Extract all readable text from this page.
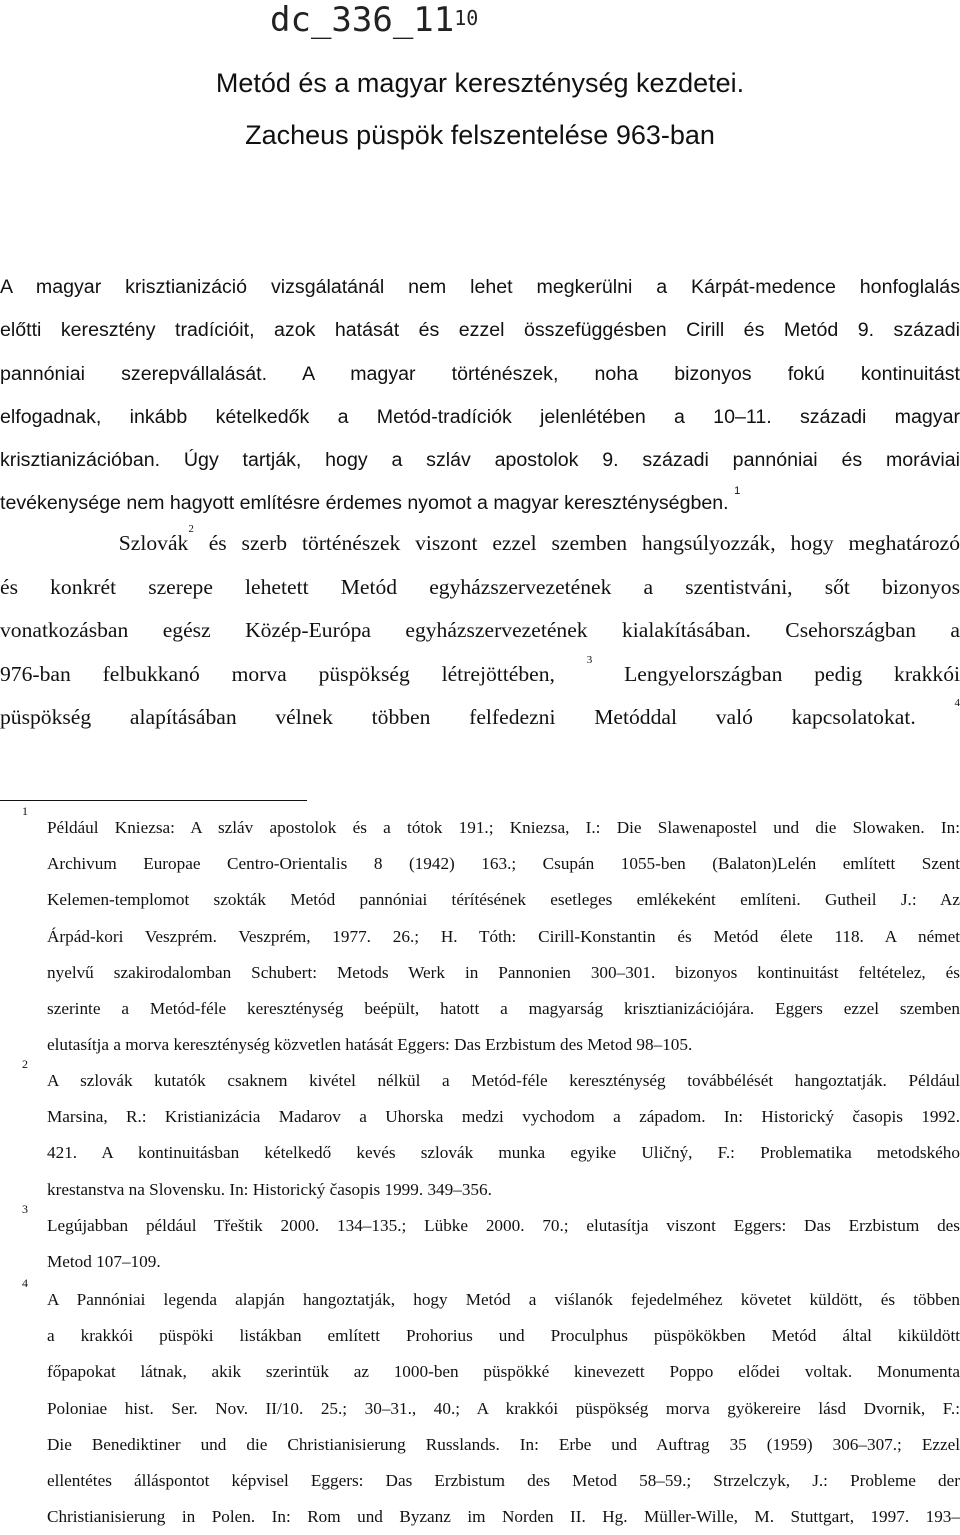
$dc\_336\_11^{10}$
Metód és a magyar kereszténység kezdetei.
Zacheus püspök felszentelése 963-ban
A magyar krisztianizáció vizsgálatánál nem lehet megkerülni a Kárpát-medence honfoglalás
előtti keresztény tradícióit, azok hatását és ezzel összefüggésben Cirill és Metód 9. századi
pannóniai szerepvállalását. A magyar történészek, noha bizonyos fokú kontinuitást
elfogadnak, inkább kételkedők a Metód-tradíciók jelenlétében a 10–11. századi magyar
krisztianizációban. Úgy tartják, hogy a szláv apostolok 9. századi pannóniai és moráviai
tevékenysége nem hagyott említésre érdemes nyomot a magyar kereszténységben. $^1$
Szlovák$^2$ és szerb történészek viszont ezzel szemben hangsúlyozzák, hogy meghatározó
és konkrét szerepe lehetett Metód egyházszervezetének a szentistváni, sőt bizonyos
vonatkozásban egész Közép-Európa egyházszervezetének kialakításában. Csehországban a
976-ban felbukkanó morva püspökség létrejöttében, $^3$ Lengyelországban pedig krakkói
püspökség alapításában vélnek többen felfedezni Metóddal való kapcsolatokat. $^4$
1
Például Kniezsa: A szláv apostolok és a tótok 191.; Kniezsa, I.: Die Slawenapostel und die Slowaken. In:
Archivum Europae Centro-Orientalis 8 (1942) 163.; Csupán 1055-ben (Balaton)Lelén említett Szent
Kelemen-templomot szokták Metód pannóniai térítésének esetleges emlékeként említeni. Gutheil J.: Az
Árpád-kori Veszprém. Veszprém, 1977. 26.; H. Tóth: Cirill-Konstantin és Metód élete 118. A német
nyelvű szakirodalomban Schubert: Metods Werk in Pannonien 300–301. bizonyos kontinuitást feltételez, és
szerinte a Metód-féle kereszténység beépült, hatott a magyarság krisztianizációjára. Eggers ezzel szemben
elutasítja a morva kereszténység közvetlen hatását Eggers: Das Erzbistum des Metod 98–105.
2
A szlovák kutatók csaknem kivétel nélkül a Metód-féle kereszténység továbbélését hangoztatják. Például
Marsina, R.: Kristianizácia Madarov a Uhorska medzi vychodom a západom. In: Historický časopis 1992.
421. A kontinuitásban kételkedő kevés szlovák munka egyike Uličný, F.: Problematika metodského
krestanstva na Slovensku. In: Historický časopis 1999. 349–356.
3
Legújabban például Třeštik 2000. 134–135.; Lübke 2000. 70.; elutasítja viszont Eggers: Das Erzbistum des
Metod 107–109.
4
A Pannóniai legenda alapján hangoztatják, hogy Metód a viślanók fejedelméhez követet küldött, és többen
a krakkói püspöki listákban említett Prohorius und Proculphus püspökökben Metód által kiküldött
főpapokat látnak, akik szerintük az 1000-ben püspökké kinevezett Poppo elődei voltak. Monumenta
Poloniae hist. Ser. Nov. II/10. 25.; 30–31., 40.; A krakkói püspökség morva gyökereire lásd Dvornik, F.:
Die Benediktiner und die Christianisierung Russlands. In: Erbe und Auftrag 35 (1959) 306–307.; Ezzel
ellentétes álláspontot képvisel Eggers: Das Erzbistum des Metod 58–59.; Strzelczyk, J.: Probleme der
Christianisierung in Polen. In: Rom und Byzanz im Norden II. Hg. Müller-Wille, M. Stuttgart, 1997. 193–
